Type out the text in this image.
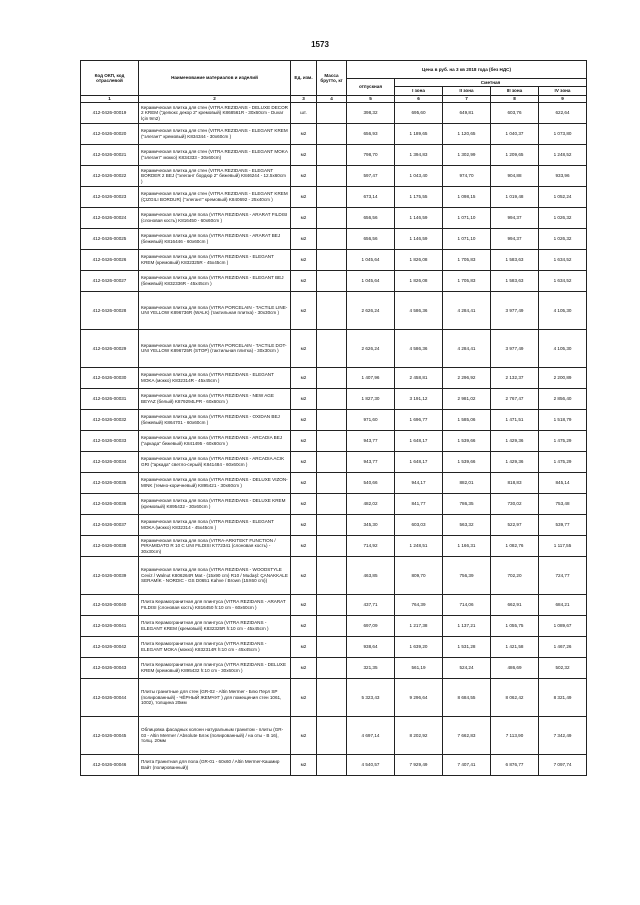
1573
Код ОКП, код отраслевой	Наименование материалов и изделий	Ед. изм.	Масса брутто, кг	Цена в руб. на 3 кв 2018 года (без НДС)				
				отпускная	Сметная			
					I зона	II зона	III зона	IV зона
1	2	3	4	5	6	7	8	9
412-0426-00019	Керамическая плитка для стен (VITRA REZIDANS - DELUXE DECOR 2 KREM ("делюкс декор 2" кремовый) K868561R - 30x60cm - Duvar İçin 9m2)	шт.		398,32	695,60	649,81	603,76	622,64
412-0426-00020	Керамическая плитка для стен (VITRA REZIDANS - ELEGANT KREM ("элегант" кремовый) K834344 - 30x60cm )	м2		656,93	1 189,65	1 120,65	1 040,37	1 073,80
412-0426-00021	Керамическая плитка для стен (VITRA REZIDANS - ELEGANT MOKA ("элегант" мокко) K834333 - 30x60cm)	м2		798,70	1 394,83	1 302,99	1 209,65	1 248,52
412-0426-00022	Керамическая плитка для стен (VITRA REZIDANS - ELEGANT BORDER 2 BEJ ("элегант бордюр 2" бежевый) K846244 - 12.5x60cm )	м2		597,47	1 043,40	974,70	904,88	933,96
412-0426-00023	Керамическая плитка для стен (VITRA REZIDANS - ELEGANT KREM (ÇIZGILI BORDUR) ("элегант" кремовый) K840692 - 25x40cm )	м2		673,14	1 175,55	1 098,15	1 019,48	1 052,24
412-0426-00024	Керамическая плитка для пола (VITRA REZIDANS - ARARAT FILDISI (слоновая кость) K816450 - 60x60cm )	м2		656,56	1 146,59	1 071,10	994,37	1 026,32
412-0426-00025	Керамическая плитка для пола (VITRA REZIDANS - ARARAT BEJ (бежевый) K816446 - 60x60cm )	м2		656,56	1 146,59	1 071,10	994,37	1 026,32
412-0426-00026	Керамическая плитка для пола (VITRA REZIDANS - ELEGANT KREM (кремовый) K832325R - 45x45cm )	м2		1 045,64	1 826,08	1 705,83	1 583,63	1 634,52
412-0426-00027	Керамическая плитка для пола (VITRA REZIDANS - ELEGANT BEJ (бежевый) K832336R - 45x45cm )	м2		1 045,64	1 826,08	1 705,83	1 583,63	1 634,52
412-0426-00028	Керамическая плитка для пола (VITRA PORCELAIN - TACTILE LINE-UNI YELLOW K896736R (WALK) (тактильная плитка) - 30x30cm )	м2		2 626,24	4 586,36	4 284,41	3 977,49	4 105,30
412-0426-00029	Керамическая плитка для пола (VITRA PORCELAIN - TACTILE DOT-UNI YELLOW K896725R (STOP) (тактильная плитка) - 30x30cm )	м2		2 626,24	4 586,36	4 284,41	3 977,49	4 105,30
412-0426-00030	Керамическая плитка для пола (VITRA REZIDANS - ELEGANT MOKA (мокко) K832314R - 45x45cm )	м2		1 407,96	2 458,81	2 296,92	2 132,37	2 200,89
412-0426-00031	Керамическая плитка для пола (VITRA REZIDANS - NEW AGE BEYAZ (белый) K879294LPR - 60x60cm )	м2		1 827,30	3 191,12	2 981,02	2 767,47	2 856,40
412-0426-00032	Керамическая плитка для пола (VITRA REZIDANS - OXIDAN BEJ (бежевый) K864701 - 60x60cm )	м2		971,60	1 696,77	1 585,06	1 471,51	1 518,79
412-0426-00033	Керамическая плитка для пола (VITRA REZIDANS - ARCADIA BEJ ("аркада" бежевый) K841495 - 60x60cm )	м2		943,77	1 648,17	1 539,66	1 429,36	1 475,29
412-0426-00034	Керамическая плитка для пола (VITRA REZIDANS - ARCADIA ACIK GRI ("аркада" светло-серый) K841484 - 60x60cm )	м2		943,77	1 648,17	1 539,66	1 429,36	1 475,29
412-0426-00035	Керамическая плитка для пола (VITRA REZIDANS - DELUXE VIZON-MINK (темно-коричневый) K895421 - 30x60cm )	м2		540,66	944,17	882,01	818,83	845,14
412-0426-00036	Керамическая плитка для пола (VITRA REZIDANS - DELUXE KREM (кремовый) K895432 - 30x60cm )	м2		482,02	841,77	786,35	730,02	753,48
412-0426-00037	Керамическая плитка для пола (VITRA REZIDANS - ELEGANT MOKA (мокко) K832314 - 45x45cm )	м2		345,30	603,03	563,32	522,97	539,77
412-0426-00038	Керамическая плитка для пола (VITRA-ARKITEKT FUNCTION / PIRAMIDATO R 10 C UNI FILDISI K772341 (слоновая кость) - 30x30cm)	м2		714,92	1 248,51	1 166,31	1 082,76	1 117,55
412-0426-00039	Керамическая плитка для пола (VITRA REZIDANS - WOODSTYLE Ceviz / Walnut K806264R Mat - (15x90 cm) R10 / Mudaşl: ÇANAKKALE SERAMİK - NORDIC - GS D0651 Kahve / Brown (15X60 cm))	м2		463,85	809,70	756,39	702,20	724,77
412-0426-00040	Плита Керамогранитная для плинтуса (VITRA REZIDANS - ARARAT FILDISI (слоновая кость) K816450 h:10 cm - 60x60cm )	м2		437,71	764,39	714,06	662,91	684,21
412-0426-00041	Плита Керамогранитная для плинтуса (VITRA REZIDANS - ELEGANT KREM (кремовый) K832325R h:10 cm - 45x45cm )	м2		697,09	1 217,38	1 137,21	1 055,75	1 089,67
412-0426-00042	Плита Керамогранитная для плинтуса (VITRA REZIDANS - ELEGANT MOKA (мокко) K832314R h:10 cm - 45x45cm )	м2		938,64	1 639,20	1 531,28	1 421,58	1 467,26
412-0426-00043	Плита Керамогранитная для плинтуса (VITRA REZIDANS - DELUXE KREM (кремовый) K895432 h:10 cm - 30x60cm )	м2		321,35	561,19	524,24	486,69	502,32
412-0426-00044	Плиты гранитные для стен (GR-02 - Altin Mermer - Блю Перл SP (полированный) - ЧЁРНЫЙ ЖЕМЧУГ ) для помещения стен 1061, 1002), толщина 20мм	м2		5 323,43	9 296,64	8 684,55	8 062,42	8 321,49
412-0426-00045	Облицовка фасадных колонн натуральным гранитом - плиты (GR-03 - Altin Mermer / Absolute Блэк (полированный) / на оты - В 16), толщ. 20мм	м2		4 697,14	8 202,92	7 662,83	7 113,90	7 342,49
412-0426-00046	Плита Гранитная для пола (GR-01 - 60x60 / Altin Mermer-Кашмир Вайт (полированный))	м2		4 540,57	7 929,49	7 407,41	6 876,77	7 097,74
